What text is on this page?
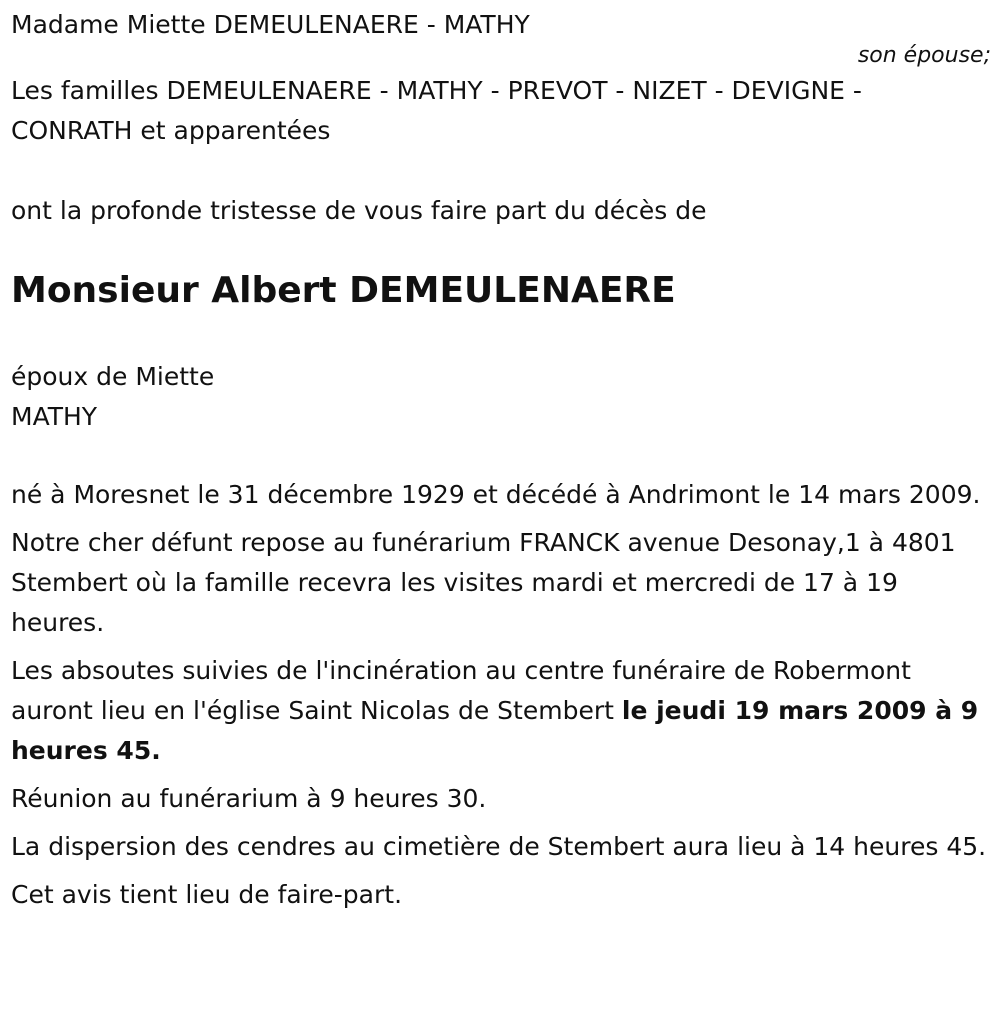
Madame Miette DEMEULENAERE - MATHY

son épouse;

Les familles DEMEULENAERE - MATHY - PREVOT - NIZET - DEVIGNE - CONRATH et apparentées

ont la profonde tristesse de vous faire part du décès de

Monsieur Albert DEMEULENAERE

époux de Miette
MATHY

né à Moresnet le 31 décembre 1929 et décédé à Andrimont le 14 mars 2009.

Notre cher défunt repose au funérarium FRANCK avenue Desonay,1 à 4801 Stembert où la famille recevra les visites mardi et mercredi de 17 à 19 heures.

Les absoutes suivies de l'incinération au centre funéraire de Robermont auront lieu en l'église Saint Nicolas de Stembert le jeudi 19 mars 2009 à 9 heures 45.

Réunion au funérarium à 9 heures 30.

La dispersion des cendres au cimetière de Stembert aura lieu à 14 heures 45.

Cet avis tient lieu de faire-part.
